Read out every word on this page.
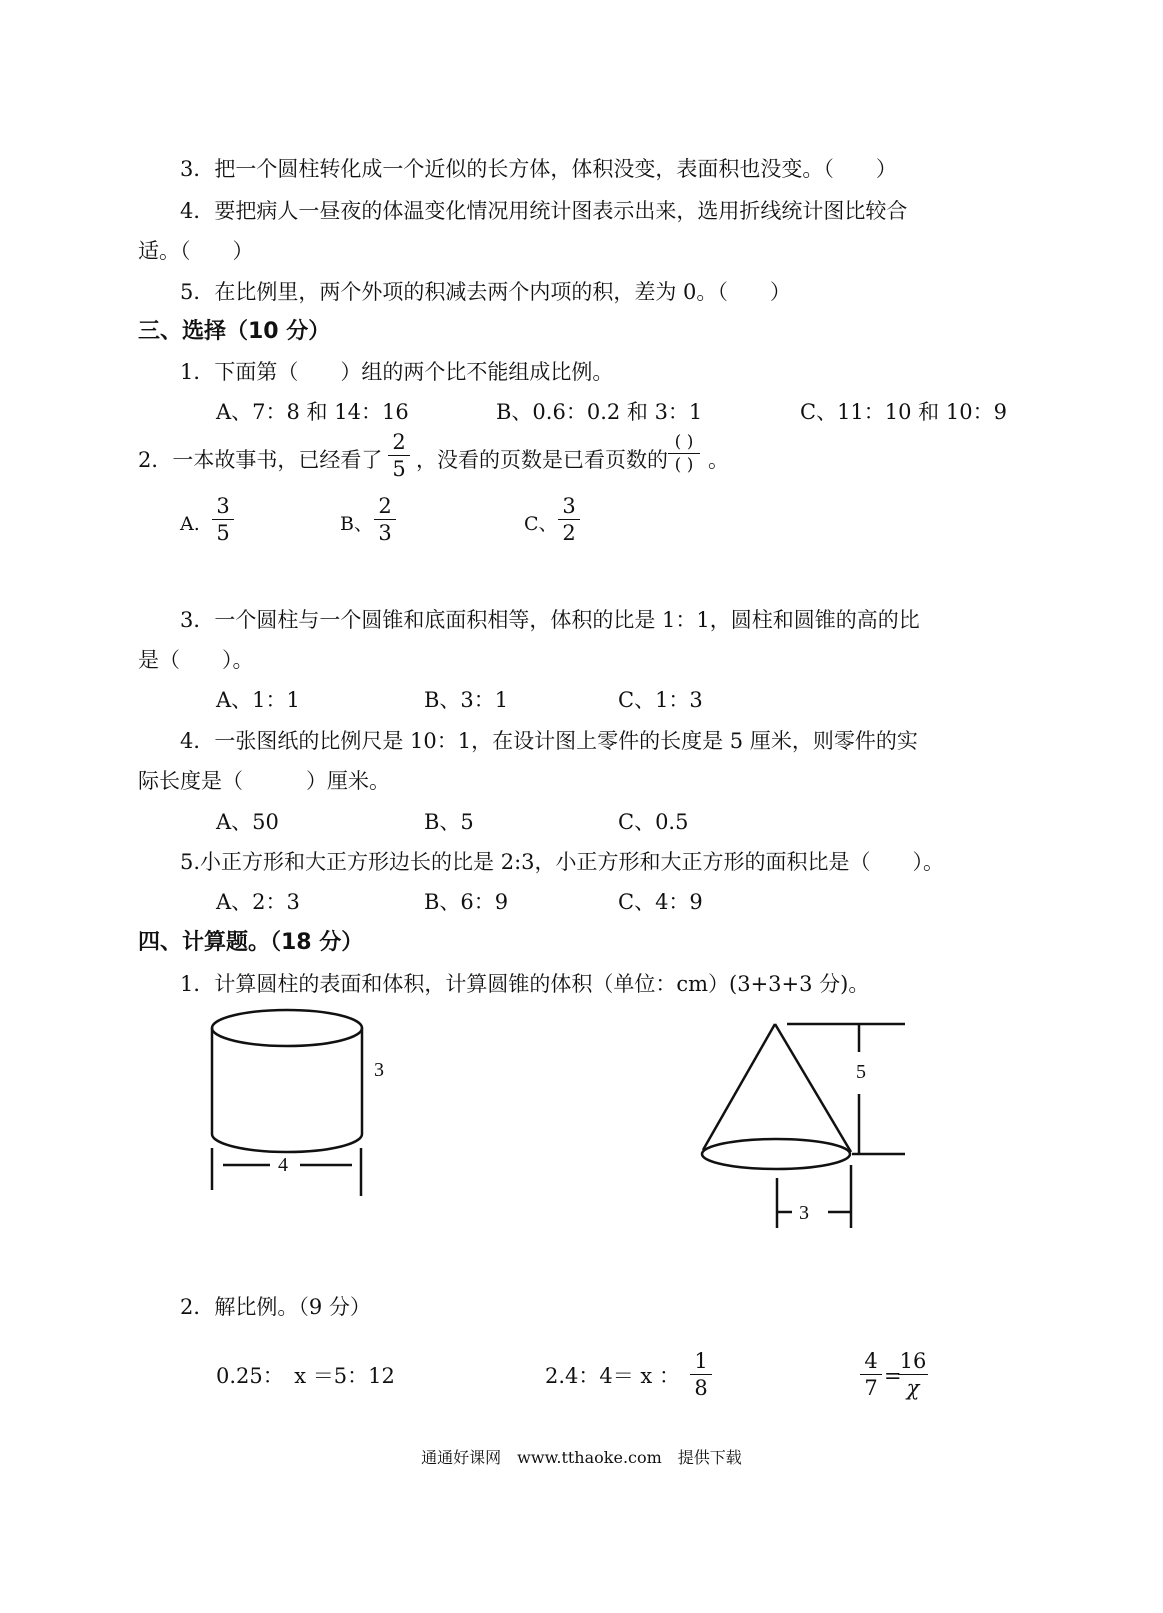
3．把一个圆柱转化成一个近似的长方体，体积没变，表面积也没变。（　　）
4．要把病人一昼夜的体温变化情况用统计图表示出来，选用折线统计图比较合
适。（　　）
5．在比例里，两个外项的积减去两个内项的积，差为 0。（　　）
三、选择（10 分）
1．下面第（　　）组的两个比不能组成比例。
A、7：8 和 14：16	B、0.6：0.2 和 3：1	C、11：10 和 10：9
2．一本故事书，已经看了
2
5 ，没看的页数是已看页数的
( )
( ) 。
A.
3
5	B、
2
3	C、
3
2
3．一个圆柱与一个圆锥和底面积相等，体积的比是 1：1，圆柱和圆锥的高的比
是（　　）。
A、1：1	B、3：1	C、1：3
4．一张图纸的比例尺是 10：1，在设计图上零件的长度是 5 厘米，则零件的实
际长度是（　　　）厘米。
A、50	B、5	C、0.5
5.小正方形和大正方形边长的比是 2:3，小正方形和大正方形的面积比是（　　）。
A、2：3	B、6：9	C、4：9
四、计算题。（18 分）
1．计算圆柱的表面和体积，计算圆锥的体积（单位：cm）(3+3+3 分)。
3
4
5
3
2．解比例。（9 分）
0.25：　x ＝5：12	2.4：4＝ x ：
1
8
4
7 =
16
χ
通通好课网　www.tthaoke.com　提供下载
